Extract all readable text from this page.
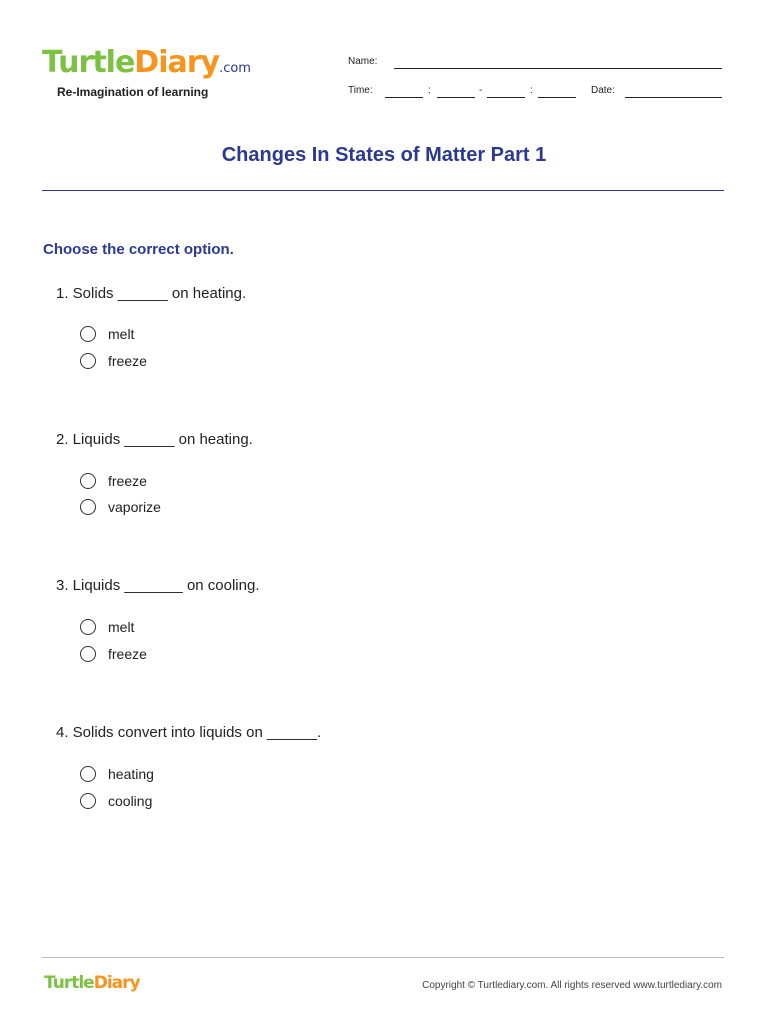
TurtleDiary.com
Re-Imagination of learning
Name:
Time:	:	-	:	Date:
Changes In States of Matter Part 1
Choose the correct option.
1. Solids ______ on heating.
melt
freeze
2. Liquids ______ on heating.
freeze
vaporize
3. Liquids _______ on cooling.
melt
freeze
4. Solids convert into liquids on ______.
heating
cooling
TurtleDiary	Copyright © Turtlediary.com. All rights reserved www.turtlediary.com
